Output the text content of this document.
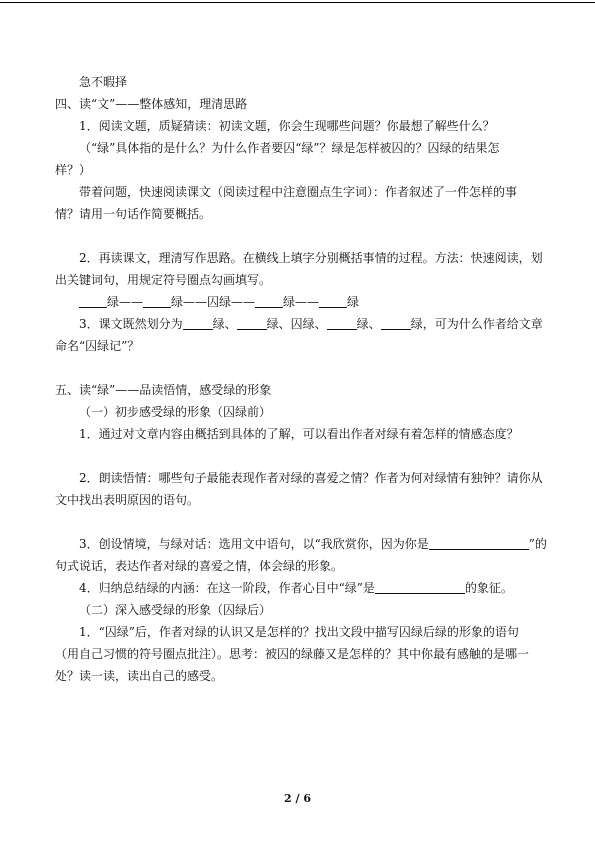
急不暇择

四、读“文”——整体感知，理清思路

1．阅读文题，质疑猜读：初读文题，你会生现哪些问题？你最想了解些什么？

（“绿”具体指的是什么？为什么作者要囚“绿”？绿是怎样被囚的？囚绿的结果怎

样？）

带着问题，快速阅读课文（阅读过程中注意圈点生字词）：作者叙述了一件怎样的事

情？请用一句话作简要概括。

2．再读课文，理清写作思路。在横线上填字分别概括事情的过程。方法：快速阅读，划

出关键词句，用规定符号圈点勾画填写。

绿—— 绿——囚绿—— 绿—— 绿

3．课文既然划分为	绿、	绿、囚绿、	绿、	绿，可为什么作者给文章

命名“囚绿记”？

五、读“绿”——品读悟情，感受绿的形象

（一）初步感受绿的形象（囚绿前）

1．通过对文章内容由概括到具体的了解，可以看出作者对绿有着怎样的情感态度？

2．朗读悟情：哪些句子最能表现作者对绿的喜爱之情？作者为何对绿情有独钟？请你从

文中找出表明原因的语句。

3．创设情境，与绿对话：选用文中语句，以“我欣赏你，因为你是	”的

句式说话，表达作者对绿的喜爱之情，体会绿的形象。

4．归纳总结绿的内涵：在这一阶段，作者心目中“绿”是	的象征。

（二）深入感受绿的形象（囚绿后）

1．“囚绿”后，作者对绿的认识又是怎样的？找出文段中描写囚绿后绿的形象的语句

（用自己习惯的符号圈点批注）。思考：被囚的绿藤又是怎样的？其中你最有感触的是哪一

处？读一读，读出自己的感受。

2 / 6
